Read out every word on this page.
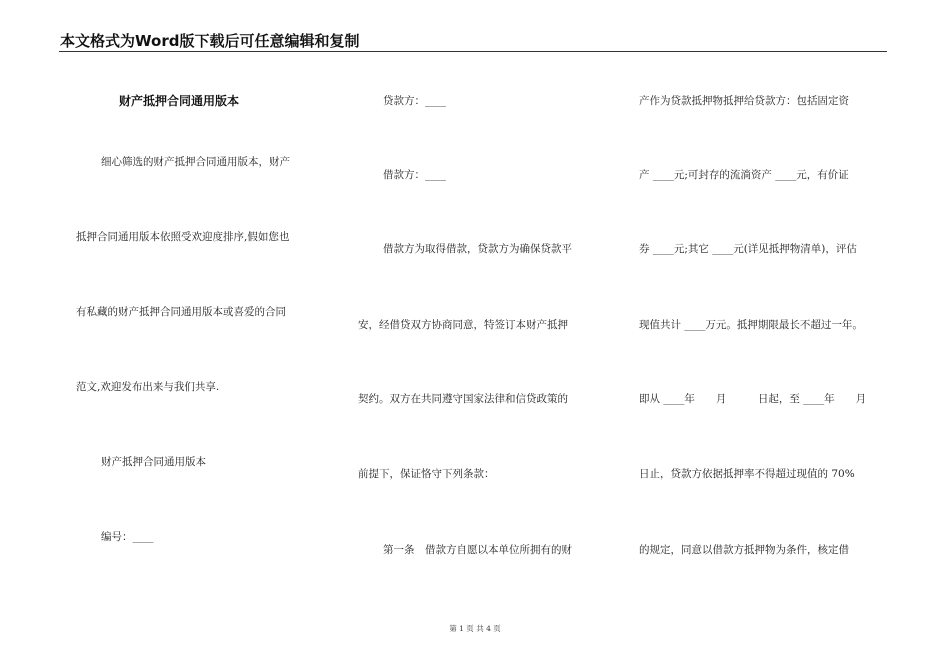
本文格式为Word版下载后可任意编辑和复制
财产抵押合同通用版本
细心筛选的财产抵押合同通用版本，财产
抵押合同通用版本依照受欢迎度排序,假如您也
有私藏的财产抵押合同通用版本或喜爱的合同
范文,欢迎发布出来与我们共享.
财产抵押合同通用版本
编号：____
贷款方：____
借款方：____
借款方为取得借款，贷款方为确保贷款平
安，经借贷双方协商同意，特签订本财产抵押
契约。双方在共同遵守国家法律和信贷政策的
前提下，保证恪守下列条款：
第一条　借款方自愿以本单位所拥有的财
产作为贷款抵押物抵押给贷款方：包括固定资
产 ____元;可封存的流淌资产 ____元，有价证
券 ____元;其它 ____元(详见抵押物清单)，评估
现值共计 ____万元。抵押期限最长不超过一年。
即从 ____年　　月　　　日起，至 ____年　　月
日止，贷款方依据抵押率不得超过现值的 70%
的规定，同意以借款方抵押物为条件，核定借
第 1 页 共 4 页
